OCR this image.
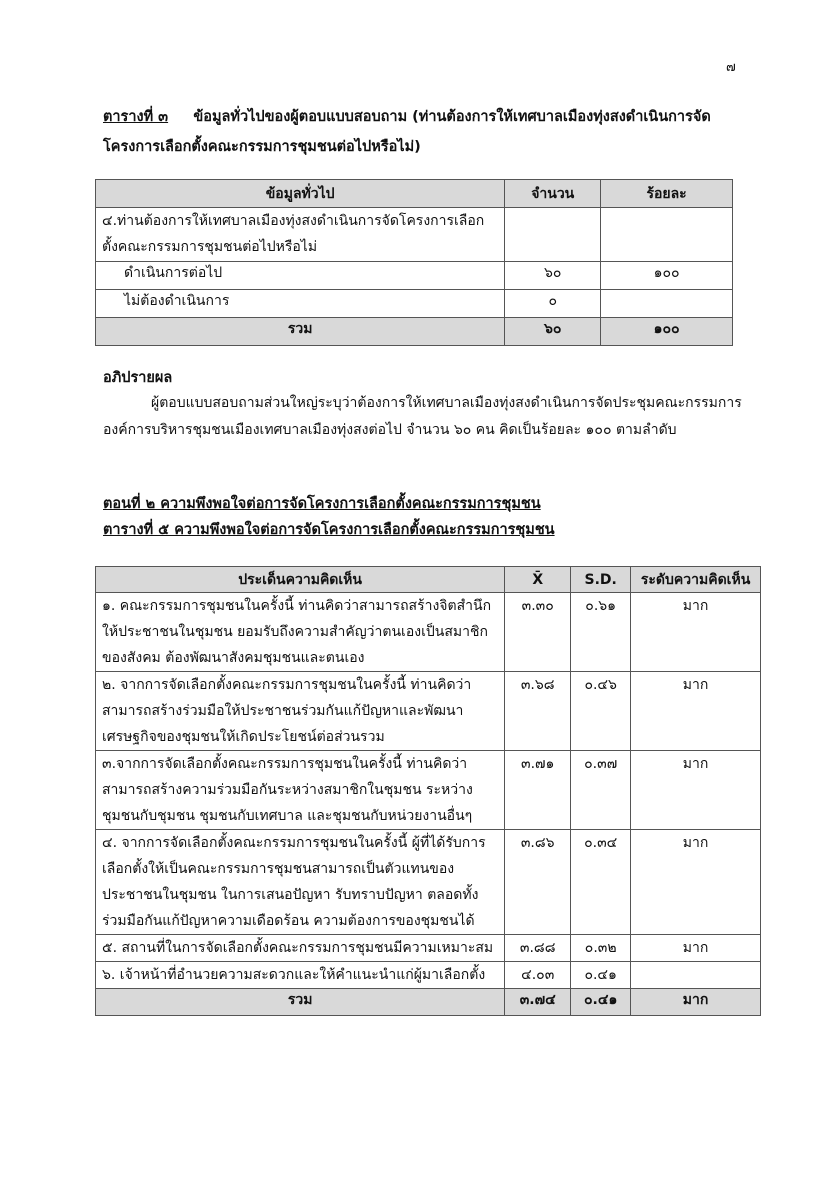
๗
ตารางที่ ๓ ข้อมูลทั่วไปของผู้ตอบแบบสอบถาม (ท่านต้องการให้เทศบาลเมืองทุ่งสงดำเนินการจัดโครงการเลือกตั้งคณะกรรมการชุมชนต่อไปหรือไม่)
ข้อมูลทั่วไป	จำนวน	ร้อยละ
๔.ท่านต้องการให้เทศบาลเมืองทุ่งสงดำเนินการจัดโครงการเลือกตั้งคณะกรรมการชุมชนต่อไปหรือไม่		
ดำเนินการต่อไป	๖๐	๑๐๐
ไม่ต้องดำเนินการ	๐	
รวม	๖๐	๑๐๐
อภิปรายผล
ผู้ตอบแบบสอบถามส่วนใหญ่ระบุว่าต้องการให้เทศบาลเมืองทุ่งสงดำเนินการจัดประชุมคณะกรรมการองค์การบริหารชุมชนเมืองเทศบาลเมืองทุ่งสงต่อไป จำนวน ๖๐ คน คิดเป็นร้อยละ ๑๐๐ ตามลำดับ
ตอนที่ ๒ ความพึงพอใจต่อการจัดโครงการเลือกตั้งคณะกรรมการชุมชน
ตารางที่ ๕ ความพึงพอใจต่อการจัดโครงการเลือกตั้งคณะกรรมการชุมชน
ประเด็นความคิดเห็น	X̄	S.D.	ระดับความคิดเห็น
๑. คณะกรรมการชุมชนในครั้งนี้ ท่านคิดว่าสามารถสร้างจิตสำนึกให้ประชาชนในชุมชน ยอมรับถึงความสำคัญว่าตนเองเป็นสมาชิกของสังคม ต้องพัฒนาสังคมชุมชนและตนเอง	๓.๓๐	๐.๖๑	มาก
๒. จากการจัดเลือกตั้งคณะกรรมการชุมชนในครั้งนี้ ท่านคิดว่าสามารถสร้างร่วมมือให้ประชาชนร่วมกันแก้ปัญหาและพัฒนาเศรษฐกิจของชุมชนให้เกิดประโยชน์ต่อส่วนรวม	๓.๖๘	๐.๔๖	มาก
๓.จากการจัดเลือกตั้งคณะกรรมการชุมชนในครั้งนี้ ท่านคิดว่าสามารถสร้างความร่วมมือกันระหว่างสมาชิกในชุมชน ระหว่างชุมชนกับชุมชน ชุมชนกับเทศบาล และชุมชนกับหน่วยงานอื่นๆ	๓.๗๑	๐.๓๗	มาก
๔. จากการจัดเลือกตั้งคณะกรรมการชุมชนในครั้งนี้ ผู้ที่ได้รับการเลือกตั้งให้เป็นคณะกรรมการชุมชนสามารถเป็นตัวแทนของประชาชนในชุมชน ในการเสนอปัญหา รับทราบปัญหา ตลอดทั้งร่วมมือกันแก้ปัญหาความเดือดร้อน ความต้องการของชุมชนได้	๓.๘๖	๐.๓๔	มาก
๕. สถานที่ในการจัดเลือกตั้งคณะกรรมการชุมชนมีความเหมาะสม	๓.๘๘	๐.๓๒	มาก
๖. เจ้าหน้าที่อำนวยความสะดวกและให้คำแนะนำแก่ผู้มาเลือกตั้ง	๔.๐๓	๐.๔๑	
รวม	๓.๗๔	๐.๔๑	มาก
